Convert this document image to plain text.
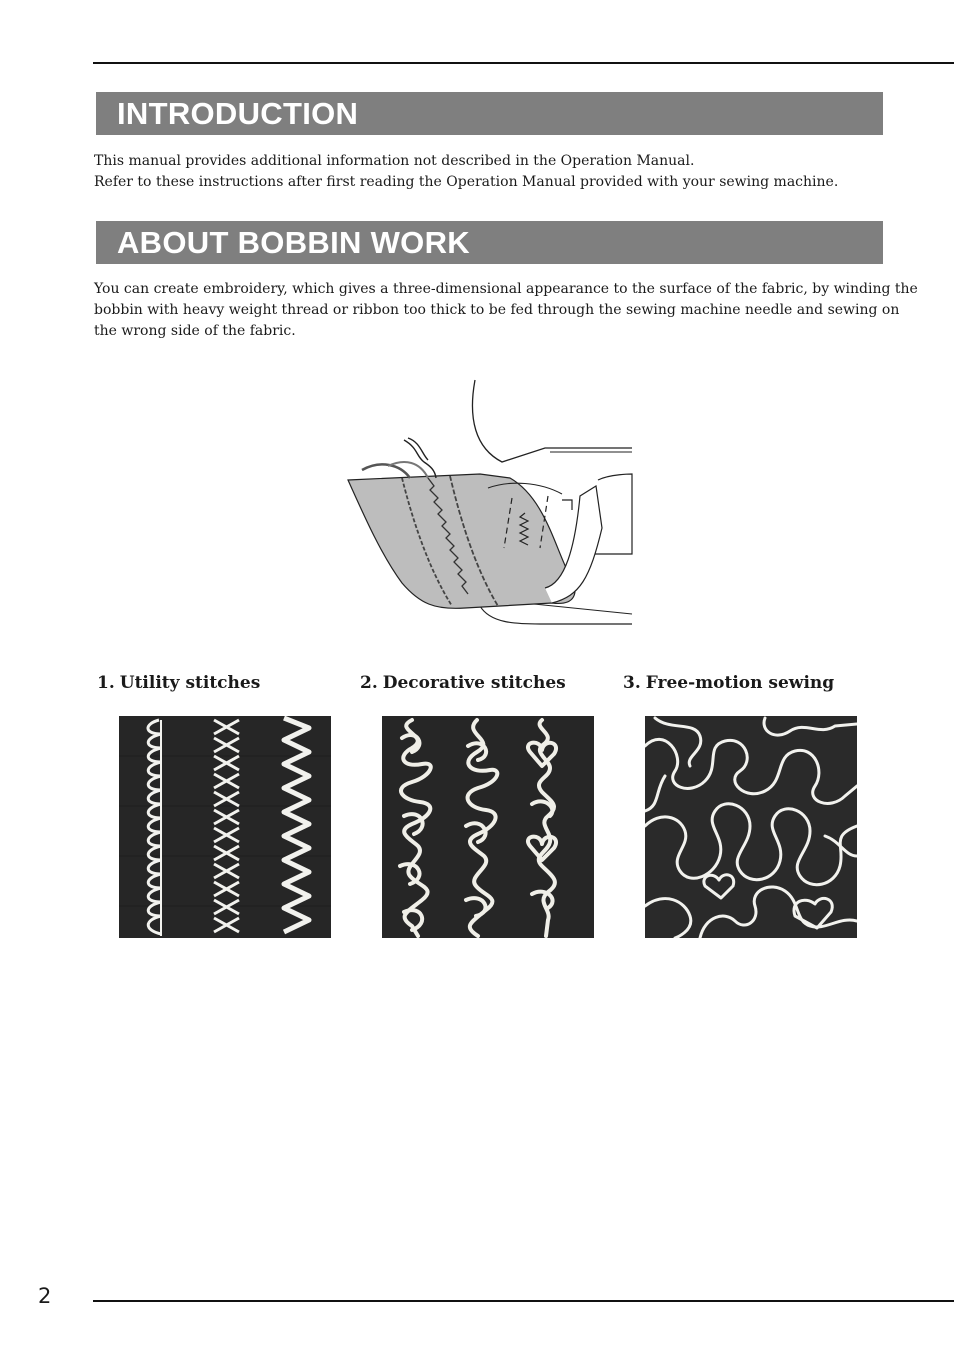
INTRODUCTION
This manual provides additional information not described in the Operation Manual.
Refer to these instructions after first reading the Operation Manual provided with your sewing machine.
ABOUT BOBBIN WORK
You can create embroidery, which gives a three-dimensional appearance to the surface of the fabric, by winding the
bobbin with heavy weight thread or ribbon too thick to be fed through the sewing machine needle and sewing on
the wrong side of the fabric.
1. Utility stitches	2. Decorative stitches	3. Free-motion sewing
2
